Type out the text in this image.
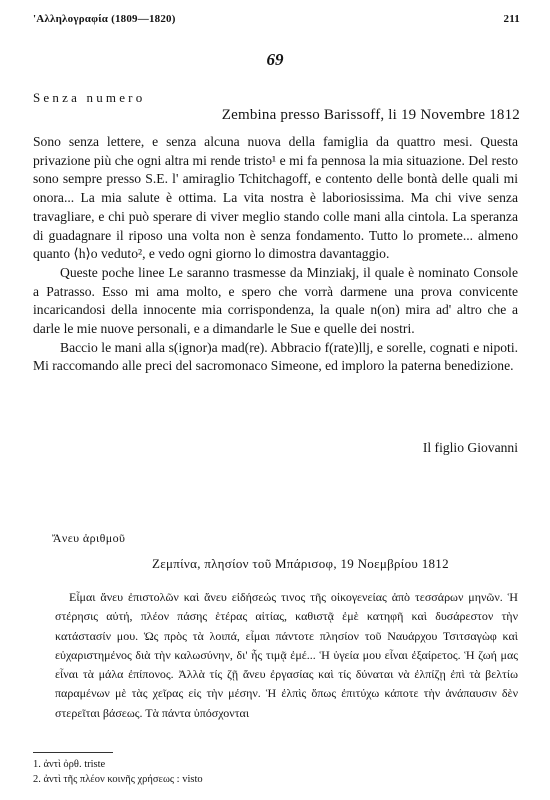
'Αλληλογραφία (1809—1820)	211
69
Senza numero
Zembina presso Barissoff, li 19 Novembre 1812

Sono senza lettere, e senza alcuna nuova della famiglia da quattro mesi. Questa privazione più che ogni altra mi rende tristo¹ e mi fa pennosa la mia situazione. Del resto sono sempre presso S.E. l' amiraglio Tchitchagoff, e contento delle bontà delle quali mi onora... La mia salute è ottima. La vita nostra è laboriosissima. Ma chi vive senza travagliare, e chi può sperare di viver meglio stando colle mani alla cintola. La speranza di guadagnare il riposo una volta non è senza fondamento. Tutto lo promete... almeno quanto ⟨h⟩o veduto², e vedo ogni giorno lo dimostra davantaggio.

Queste poche linee Le saranno trasmesse da Minziakj, il quale è nominato Console a Patrasso. Esso mi ama molto, e spero che vorrà darmene una prova convicente incaricandosi della innocente mia corrispondenza, la quale n(on) mira ad' altro che a darle le mie nuove personali, e a dimandarle le Sue e quelle dei nostri.

Baccio le mani alla s(ignor)a mad(re). Abbracio f(rate)llj, e sorelle, cognati e nipoti. Mi raccomando alle preci del sacromonaco Simeone, ed imploro la paterna benedizione.

Il figlio Giovanni
Ἄνευ ἀριθμοῦ
Ζεμπίνα, πλησίον τοῦ Μπάρισοφ, 19 Νοεμβρίου 1812

Εἶμαι ἄνευ ἐπιστολῶν καὶ ἄνευ εἰδήσεώς τινος τῆς οἰκογενείας ἀπὸ τεσσάρων μηνῶν. Ἡ στέρησις αὐτή, πλέον πάσης ἑτέρας αἰτίας, καθιστᾷ ἐμὲ κατηφῆ καὶ δυσάρεστον τὴν κατάστασίν μου. Ὡς πρὸς τὰ λοιπά, εἶμαι πάντοτε πλησίον τοῦ Ναυάρχου Τσιτσαγὼφ καὶ εὐχαριστημένος διὰ τὴν καλωσύνην, δι' ἧς τιμᾷ ἐμέ... Ἡ ὑγεία μου εἶναι ἐξαίρετος. Ἡ ζωή μας εἶναι τὰ μάλα ἐπίπονος. Ἀλλὰ τίς ζῇ ἄνευ ἐργασίας καὶ τίς δύναται νὰ ἐλπίζῃ ἐπὶ τὰ βελτίω παραμένων μὲ τὰς χεῖρας εἰς τὴν μέσην. Ἡ ἐλπὶς ὅπως ἐπιτύχω κάποτε τὴν ἀνάπαυσιν δὲν στερεῖται βάσεως. Τὰ πάντα ὑπόσχονται

1. ἀντὶ ὀρθ. triste
2. ἀντὶ τῆς πλέον κοινῆς χρήσεως : visto
